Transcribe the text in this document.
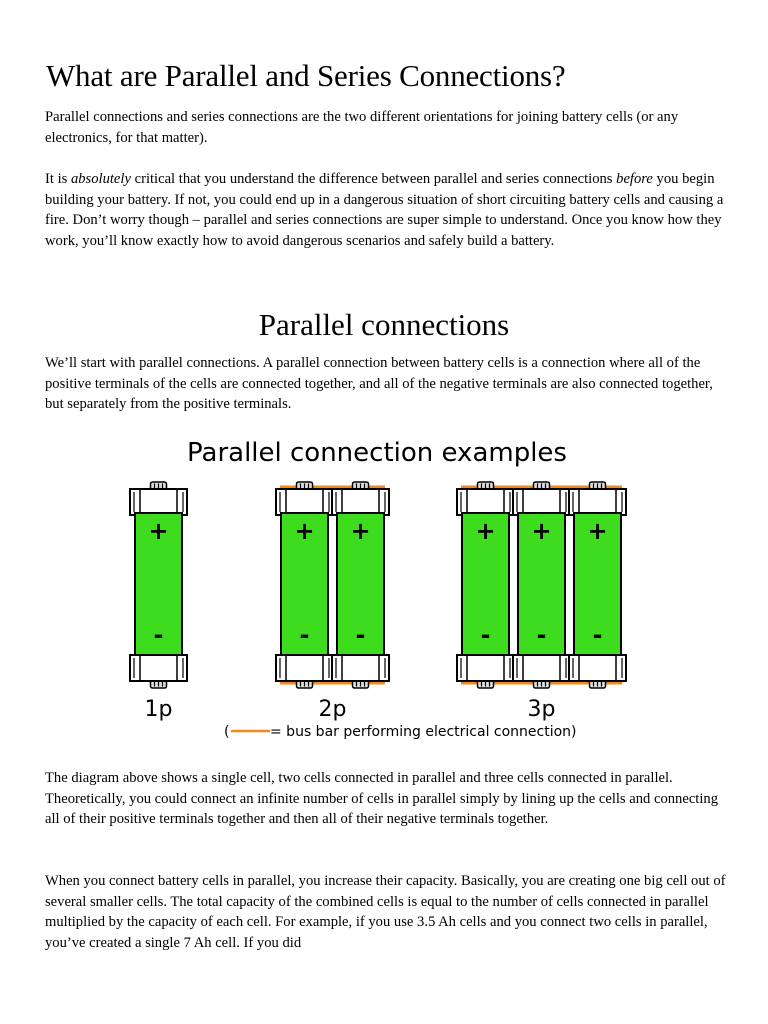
What are Parallel and Series Connections?

Parallel connections and series connections are the two different orientations for joining battery cells (or any electronics, for that matter).

It is absolutely critical that you understand the difference between parallel and series connections before you begin building your battery. If not, you could end up in a dangerous situation of short circuiting battery cells and causing a fire. Don’t worry though – parallel and series connections are super simple to understand. Once you know how they work, you’ll know exactly how to avoid dangerous scenarios and safely build a battery.

Parallel connections

We’ll start with parallel connections. A parallel connection between battery cells is a connection where all of the positive terminals of the cells are connected together, and all of the negative terminals are also connected together, but separately from the positive terminals.

Parallel connection examples
+
-
1p
+
-
+
-
2p
+
-
+
-
+
-
3p
(	= bus bar performing electrical connection)

The diagram above shows a single cell, two cells connected in parallel and three cells connected in parallel. Theoretically, you could connect an infinite number of cells in parallel simply by lining up the cells and connecting all of their positive terminals together and then all of their negative terminals together.

When you connect battery cells in parallel, you increase their capacity. Basically, you are creating one big cell out of several smaller cells. The total capacity of the combined cells is equal to the number of cells connected in parallel multiplied by the capacity of each cell. For example, if you use 3.5 Ah cells and you connect two cells in parallel, you’ve created a single 7 Ah cell. If you did
